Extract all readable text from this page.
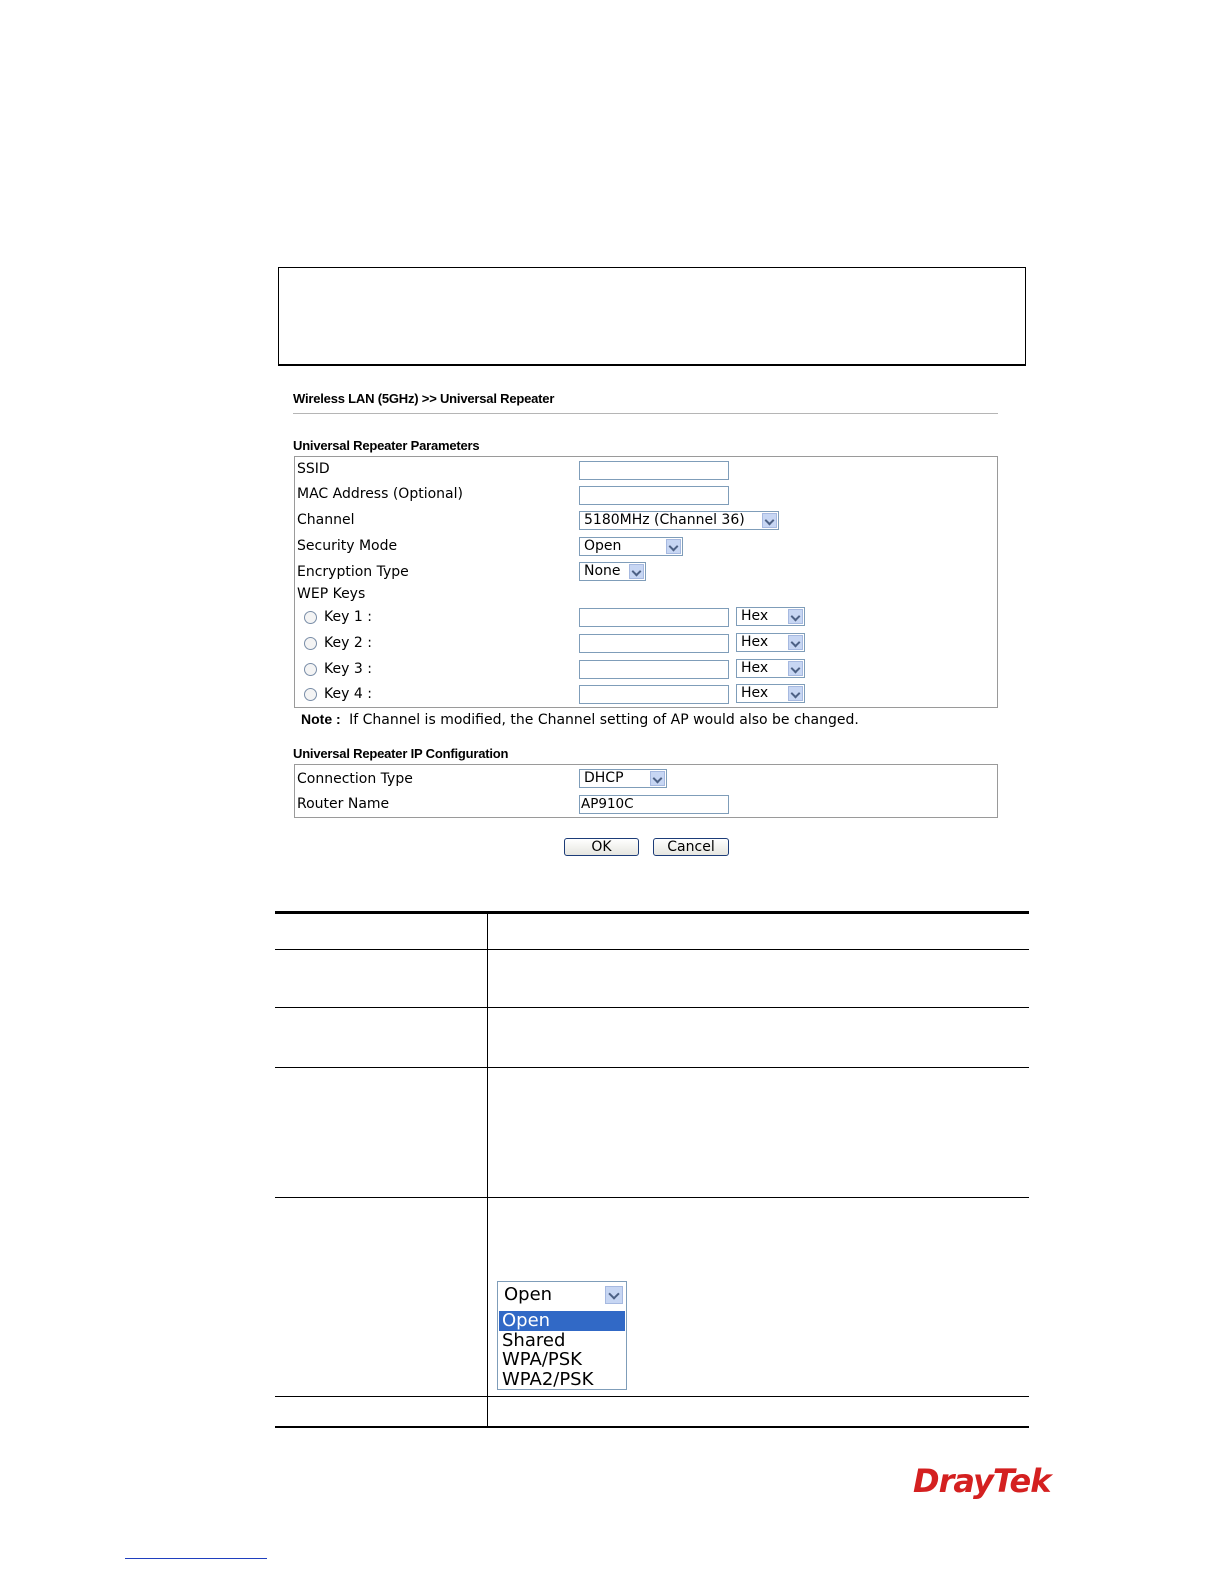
Wireless LAN (5GHz) >> Universal Repeater
Universal Repeater Parameters
SSID
MAC Address (Optional)
Channel	5180MHz (Channel 36)
Security Mode	Open
Encryption Type	None
WEP Keys
Key 1 :	Hex
Key 2 :	Hex
Key 3 :	Hex
Key 4 :	Hex
Note : If Channel is modified, the Channel setting of AP would also be changed.
Universal Repeater IP Configuration
Connection Type	DHCP
Router Name	AP910C
OK	Cancel
Open
Open
Shared
WPA/PSK
WPA2/PSK
DrayTek
